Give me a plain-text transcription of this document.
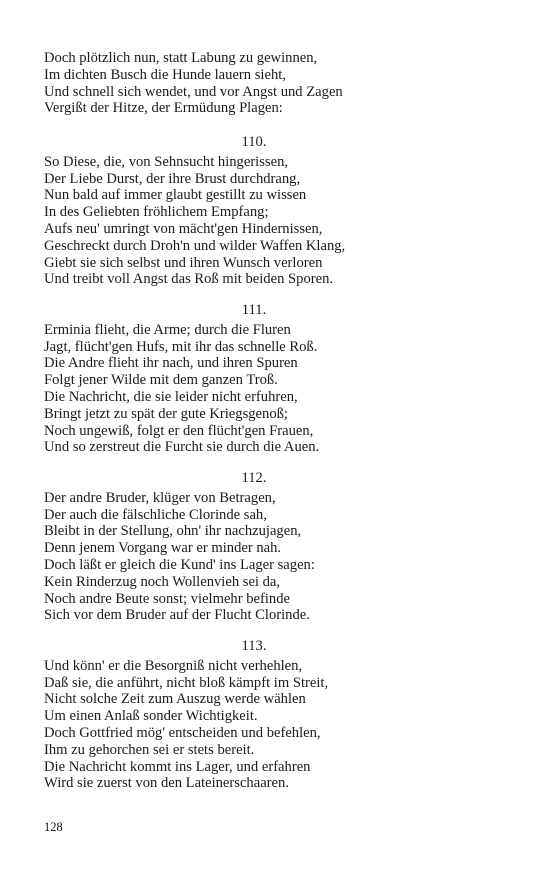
Doch plötzlich nun, statt Labung zu gewinnen,
Im dichten Busch die Hunde lauern sieht,
Und schnell sich wendet, und vor Angst und Zagen
Vergißt der Hitze, der Ermüdung Plagen:
110.
So Diese, die, von Sehnsucht hingerissen,
Der Liebe Durst, der ihre Brust durchdrang,
Nun bald auf immer glaubt gestillt zu wissen
In des Geliebten fröhlichem Empfang;
Aufs neu' umringt von mächt'gen Hindernissen,
Geschreckt durch Droh'n und wilder Waffen Klang,
Giebt sie sich selbst und ihren Wunsch verloren
Und treibt voll Angst das Roß mit beiden Sporen.
111.
Erminia flieht, die Arme; durch die Fluren
Jagt, flücht'gen Hufs, mit ihr das schnelle Roß.
Die Andre flieht ihr nach, und ihren Spuren
Folgt jener Wilde mit dem ganzen Troß.
Die Nachricht, die sie leider nicht erfuhren,
Bringt jetzt zu spät der gute Kriegsgenoß;
Noch ungewiß, folgt er den flücht'gen Frauen,
Und so zerstreut die Furcht sie durch die Auen.
112.
Der andre Bruder, klüger von Betragen,
Der auch die fälschliche Clorinde sah,
Bleibt in der Stellung, ohn' ihr nachzujagen,
Denn jenem Vorgang war er minder nah.
Doch läßt er gleich die Kund' ins Lager sagen:
Kein Rinderzug noch Wollenvieh sei da,
Noch andre Beute sonst; vielmehr befinde
Sich vor dem Bruder auf der Flucht Clorinde.
113.
Und könn' er die Besorgniß nicht verhehlen,
Daß sie, die anführt, nicht bloß kämpft im Streit,
Nicht solche Zeit zum Auszug werde wählen
Um einen Anlaß sonder Wichtigkeit.
Doch Gottfried mög' entscheiden und befehlen,
Ihm zu gehorchen sei er stets bereit.
Die Nachricht kommt ins Lager, und erfahren
Wird sie zuerst von den Lateinerschaaren.
128
